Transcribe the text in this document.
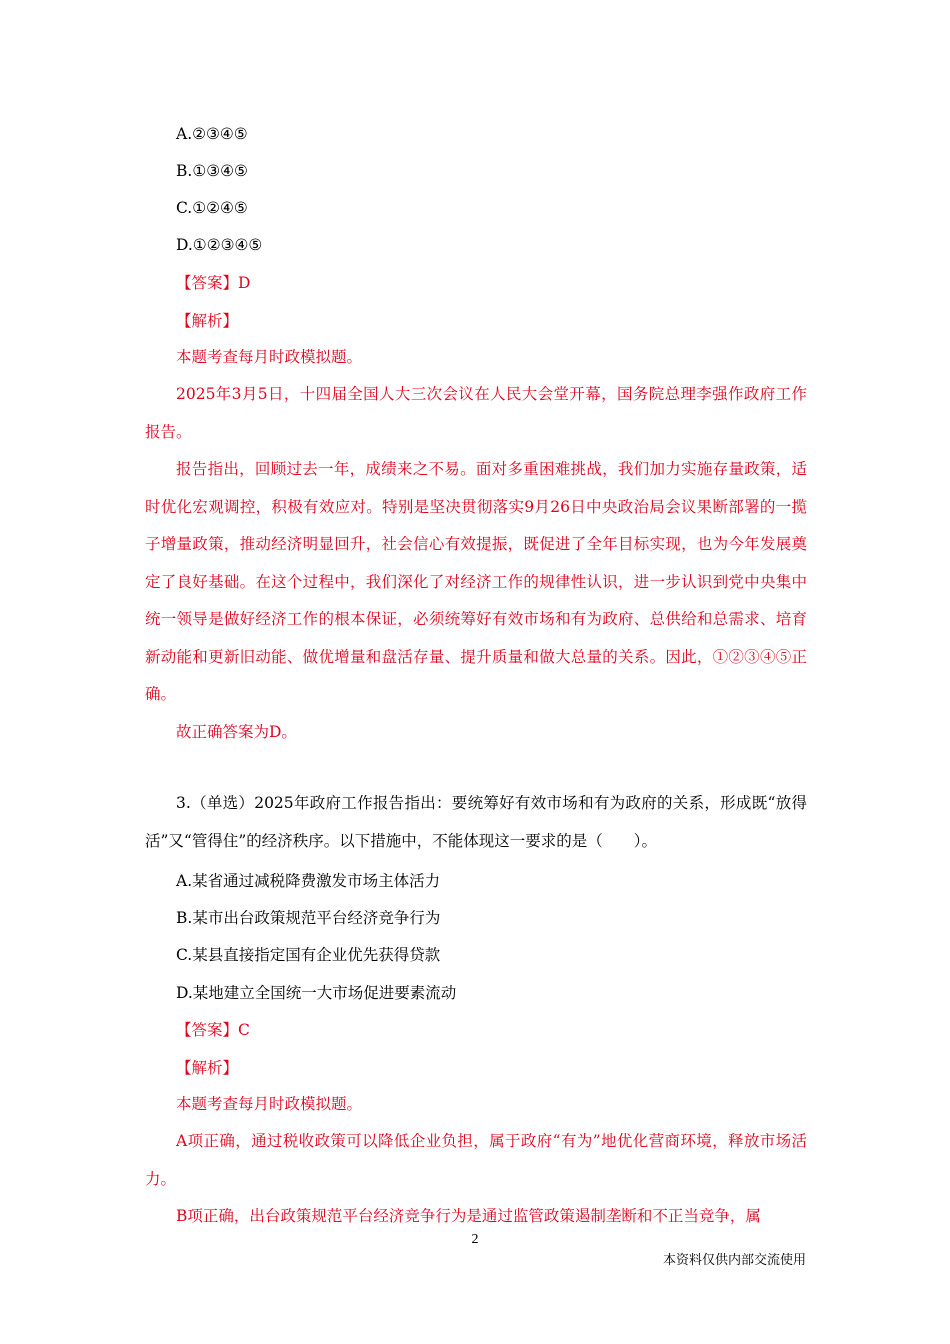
A.②③④⑤
B.①③④⑤
C.①②④⑤
D.①②③④⑤
【答案】D
【解析】
本题考查每月时政模拟题。
2025年3月5日，十四届全国人大三次会议在人民大会堂开幕，国务院总理李强作政府工作报告。
报告指出，回顾过去一年，成绩来之不易。面对多重困难挑战，我们加力实施存量政策，适时优化宏观调控，积极有效应对。特别是坚决贯彻落实9月26日中央政治局会议果断部署的一揽子增量政策，推动经济明显回升，社会信心有效提振，既促进了全年目标实现，也为今年发展奠定了良好基础。在这个过程中，我们深化了对经济工作的规律性认识，进一步认识到党中央集中统一领导是做好经济工作的根本保证，必须统筹好有效市场和有为政府、总供给和总需求、培育新动能和更新旧动能、做优增量和盘活存量、提升质量和做大总量的关系。因此，①②③④⑤正确。
故正确答案为D。
3.（单选）2025年政府工作报告指出：要统筹好有效市场和有为政府的关系，形成既“放得活”又“管得住”的经济秩序。以下措施中，不能体现这一要求的是（　　）。
A.某省通过减税降费激发市场主体活力
B.某市出台政策规范平台经济竞争行为
C.某县直接指定国有企业优先获得贷款
D.某地建立全国统一大市场促进要素流动
【答案】C
【解析】
本题考查每月时政模拟题。
A项正确，通过税收政策可以降低企业负担，属于政府“有为”地优化营商环境，释放市场活力。
B项正确，出台政策规范平台经济竞争行为是通过监管政策遏制垄断和不正当竞争，属
2
本资料仅供内部交流使用
